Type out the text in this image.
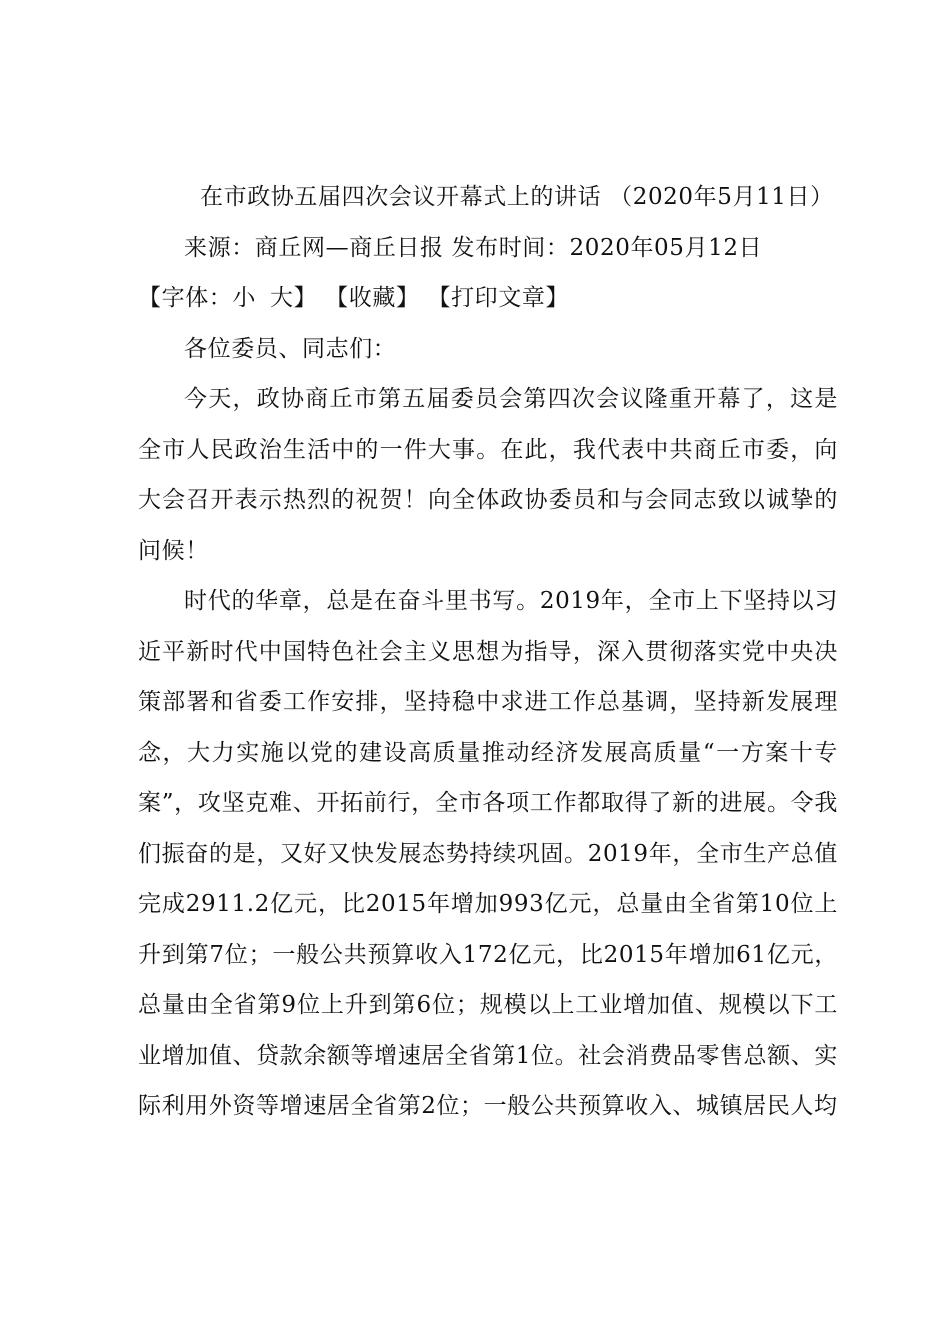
在市政协五届四次会议开幕式上的讲话 （2020年5月11日）

来源：商丘网—商丘日报 发布时间：2020年05月12日

【字体：小 大】 【收藏】 【打印文章】

各位委员、同志们：

今天，政协商丘市第五届委员会第四次会议隆重开幕了，这是全市人民政治生活中的一件大事。在此，我代表中共商丘市委，向大会召开表示热烈的祝贺！向全体政协委员和与会同志致以诚挚的问候！

时代的华章，总是在奋斗里书写。2019年，全市上下坚持以习近平新时代中国特色社会主义思想为指导，深入贯彻落实党中央决策部署和省委工作安排，坚持稳中求进工作总基调，坚持新发展理念，大力实施以党的建设高质量推动经济发展高质量“一方案十专案”，攻坚克难、开拓前行，全市各项工作都取得了新的进展。令我们振奋的是，又好又快发展态势持续巩固。2019年，全市生产总值完成2911.2亿元，比2015年增加993亿元，总量由全省第10位上升到第7位；一般公共预算收入172亿元，比2015年增加61亿元，总量由全省第9位上升到第6位；规模以上工业增加值、规模以下工业增加值、贷款余额等增速居全省第1位。社会消费品零售总额、实际利用外资等增速居全省第2位；一般公共预算收入、城镇居民人均
